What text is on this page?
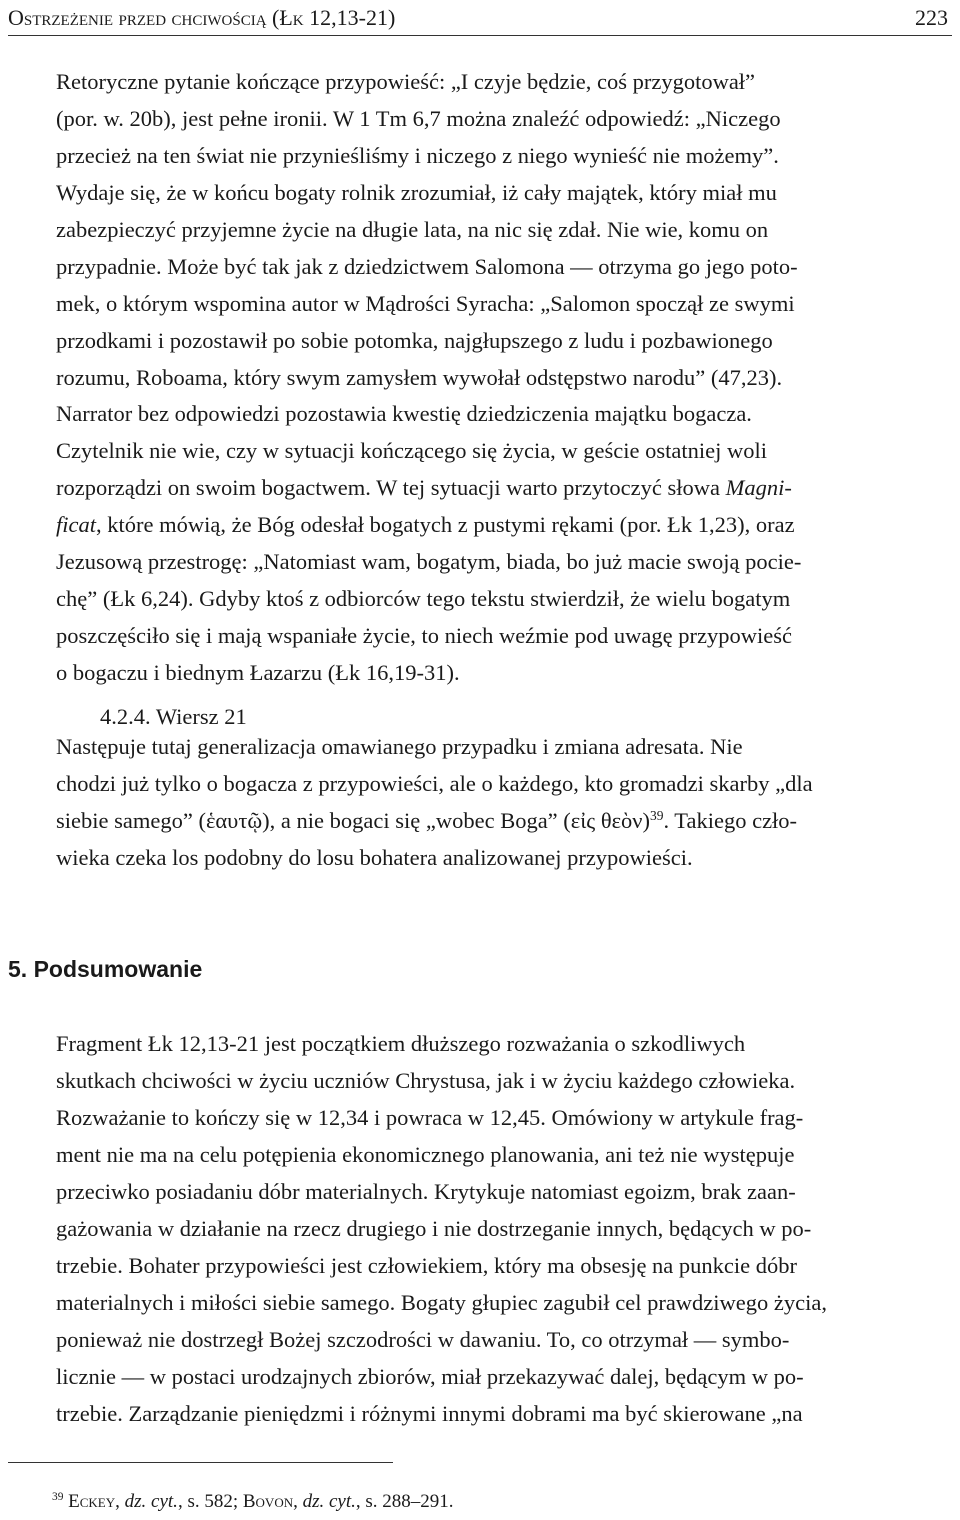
Ostrzeżenie przed chciwością (Łk 12,13-21)	223

Retoryczne pytanie kończące przypowieść: „I czyje będzie, coś przygotował”
(por. w. 20b), jest pełne ironii. W 1 Tm 6,7 można znaleźć odpowiedź: „Niczego
przecież na ten świat nie przynieśliśmy i niczego z niego wynieść nie możemy”.
Wydaje się, że w końcu bogaty rolnik zrozumiał, iż cały majątek, który miał mu
zabezpieczyć przyjemne życie na długie lata, na nic się zdał. Nie wie, komu on
przypadnie. Może być tak jak z dziedzictwem Salomona — otrzyma go jego poto-
mek, o którym wspomina autor w Mądrości Syracha: „Salomon spoczął ze swymi
przodkami i pozostawił po sobie potomka, najgłupszego z ludu i pozbawionego
rozumu, Roboama, który swym zamysłem wywołał odstępstwo narodu” (47,23).

Narrator bez odpowiedzi pozostawia kwestię dziedziczenia majątku bogacza.
Czytelnik nie wie, czy w sytuacji kończącego się życia, w geście ostatniej woli
rozporządzi on swoim bogactwem. W tej sytuacji warto przytoczyć słowa Magni-
ficat, które mówią, że Bóg odesłał bogatych z pustymi rękami (por. Łk 1,23), oraz
Jezusową przestrogę: „Natomiast wam, bogatym, biada, bo już macie swoją pocie-
chę” (Łk 6,24). Gdyby ktoś z odbiorców tego tekstu stwierdził, że wielu bogatym
poszczęściło się i mają wspaniałe życie, to niech weźmie pod uwagę przypowieść
o bogaczu i biednym Łazarzu (Łk 16,19-31).

4.2.4. Wiersz 21

Następuje tutaj generalizacja omawianego przypadku i zmiana adresata. Nie
chodzi już tylko o bogacza z przypowieści, ale o każdego, kto gromadzi skarby „dla
siebie samego” (ἑαυτῷ), a nie bogaci się „wobec Boga” (εἰς θεὸν)$^{39}$. Takiego czło-
wieka czeka los podobny do losu bohatera analizowanej przypowieści.

5. Podsumowanie

Fragment Łk 12,13-21 jest początkiem dłuższego rozważania o szkodliwych
skutkach chciwości w życiu uczniów Chrystusa, jak i w życiu każdego człowieka.
Rozważanie to kończy się w 12,34 i powraca w 12,45. Omówiony w artykule frag-
ment nie ma na celu potępienia ekonomicznego planowania, ani też nie występuje
przeciwko posiadaniu dóbr materialnych. Krytykuje natomiast egoizm, brak zaan-
gażowania w działanie na rzecz drugiego i nie dostrzeganie innych, będących w po-
trzebie. Bohater przypowieści jest człowiekiem, który ma obsesję na punkcie dóbr
materialnych i miłości siebie samego. Bogaty głupiec zagubił cel prawdziwego życia,
ponieważ nie dostrzegł Bożej szczodrości w dawaniu. To, co otrzymał — symbo-
licznie — w postaci urodzajnych zbiorów, miał przekazywać dalej, będącym w po-
trzebie. Zarządzanie pieniędzmi i różnymi innymi dobrami ma być skierowane „na

$^{39}$ Eckey, dz. cyt., s. 582; Bovon, dz. cyt., s. 288–291.
